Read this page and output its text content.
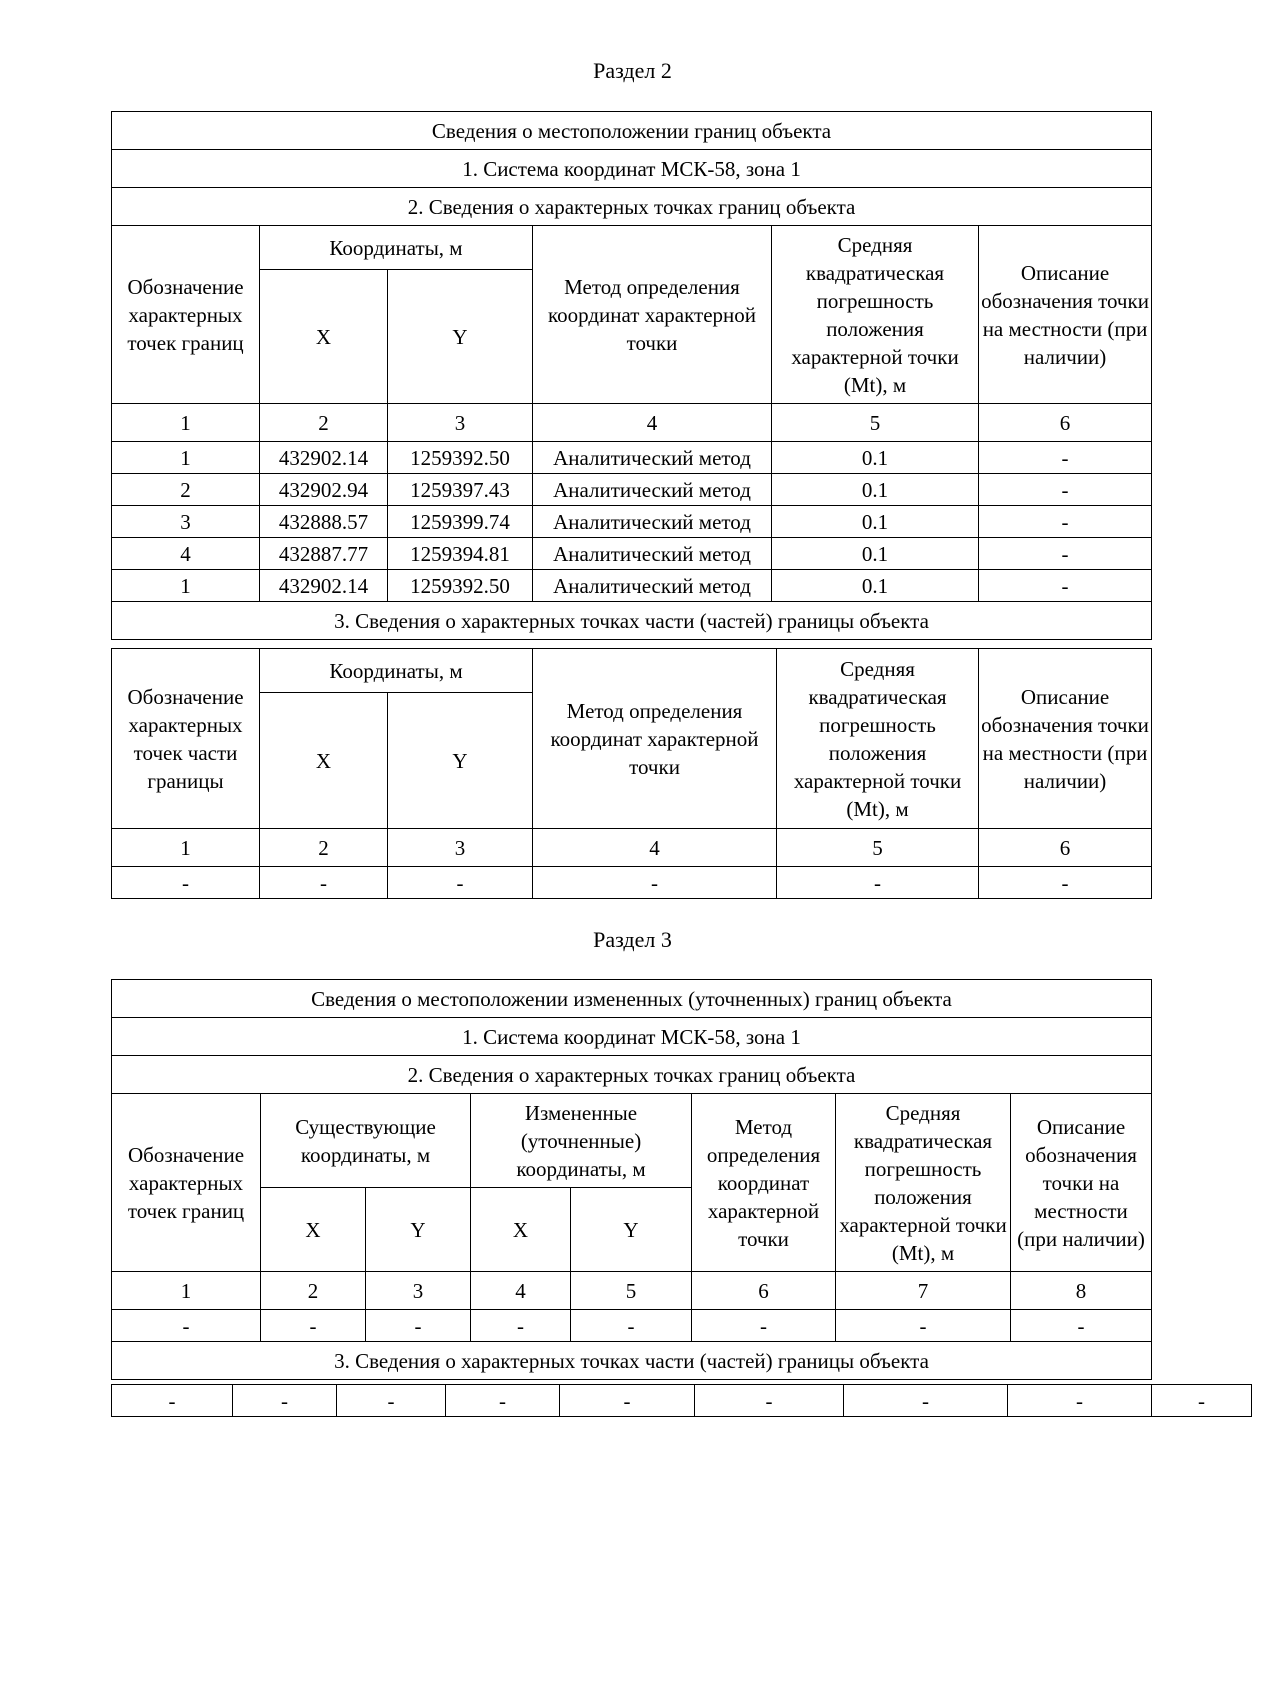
Раздел 2
Сведения о местоположении границ объекта					
1. Система координат МСК-58, зона 1					
2. Сведения о характерных точках границ объекта					
Обозначение характерных точек границ	Координаты, м		Метод определения координат характерной точки	Средняя квадратическая погрешность положения характерной точки (Mt), м	Описание обозначения точки на местности (при наличии)
	X	Y			
1	2	3	4	5	6
1	432902.14	1259392.50	Аналитический метод	0.1	-
2	432902.94	1259397.43	Аналитический метод	0.1	-
3	432888.57	1259399.74	Аналитический метод	0.1	-
4	432887.77	1259394.81	Аналитический метод	0.1	-
1	432902.14	1259392.50	Аналитический метод	0.1	-
3. Сведения о характерных точках части (частей) границы объекта					
Обозначение характерных точек части границы	Координаты, м		Метод определения координат характерной точки	Средняя квадратическая погрешность положения характерной точки (Mt), м	Описание обозначения точки на местности (при наличии)
	X	Y			
1	2	3	4	5	6
-	-	-	-	-	-
Раздел 3
Сведения о местоположении измененных (уточненных) границ объекта							
1. Система координат МСК-58, зона 1							
2. Сведения о характерных точках границ объекта							
Обозначение характерных точек границ	Существующие координаты, м		Измененные (уточненные) координаты, м		Метод определения координат характерной точки	Средняя квадратическая погрешность положения характерной точки (Mt), м	Описание обозначения точки на местности (при наличии)
	X	Y	X	Y			
1	2	3	4	5	6	7	8
-	-	-	-	-	-	-	-
3. Сведения о характерных точках части (частей) границы объекта							
-	-	-	-	-	-	-	-	-
